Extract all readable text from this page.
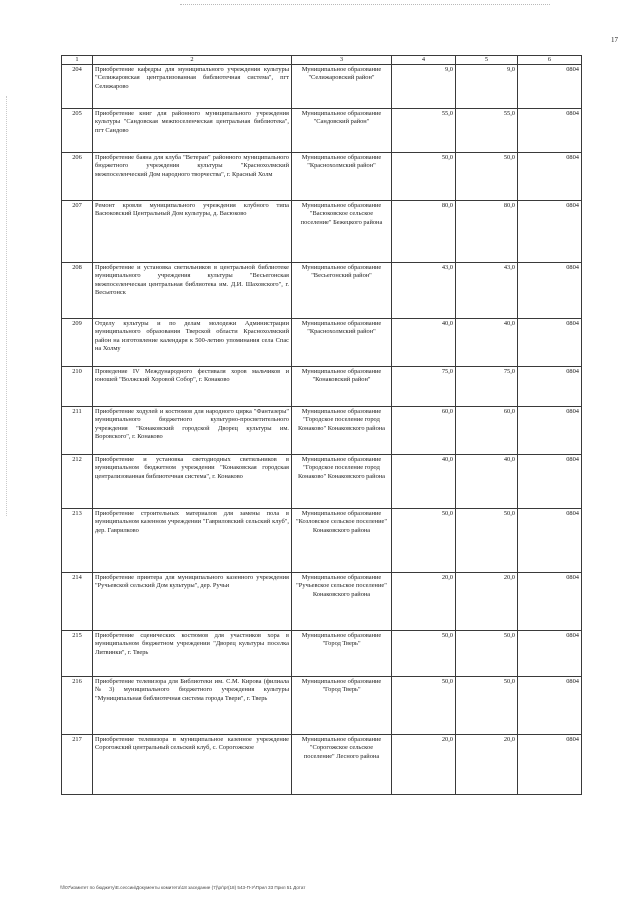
17
1	2	3	4	5	6
204	Приобретение кафедры для муниципального учреждения культуры "Селижаровская централизованная библиотечная система", пгт Селижарово	Муниципальное образование "Селижаровский район"	9,0	9,0	0804
205	Приобретение книг для районного муниципального учреждения культуры "Сандовская межпоселенческая центральная библиотека", пгт Сандово	Муниципальное образование "Сандовский район"	55,0	55,0	0804
206	Приобретение баяна для клуба "Ветеран" районного муниципального бюджетного учреждения культуры "Краснохолмский межпоселенческий Дом народного творчества", г. Красный Холм	Муниципальное образование "Краснохолмский район"	50,0	50,0	0804
207	Ремонт кровли муниципального учреждения клубного типа Васюковский Центральный Дом культуры, д. Васюково	Муниципальное образование "Васюковское сельское поселение" Бежецкого района	80,0	80,0	0804
208	Приобретение и установка светильников в центральной библиотеке муниципального учреждения культуры "Весьегонская межпоселенческая центральная библиотека им. Д.И. Шаховского", г. Весьегонск	Муниципальное образование "Весьегонский район"	43,0	43,0	0804
209	Отделу культуры и по делам молодежи Администрации муниципального образования Тверской области Краснохолмский район на изготовление календаря к 500-летию упоминания села Спас на Холму	Муниципальное образование "Краснохолмский район"	40,0	40,0	0804
210	Проведение IV Международного фестиваля хоров мальчиков и юношей "Волжский Хоровой Собор", г. Конаково	Муниципальное образование "Конаковский район"	75,0	75,0	0804
211	Приобретение ходулей и костюмов для народного цирка "Фантазеры" муниципального бюджетного культурно-просветительного учреждения "Конаковский городской Дворец культуры им. Воровского", г. Конаково	Муниципальное образование "Городское поселение город Конаково" Конаковского района	60,0	60,0	0804
212	Приобретение и установка светодиодных светильников в муниципальном бюджетном учреждении "Конаковская городская централизованная библиотечная система", г. Конаково	Муниципальное образование "Городское поселение город Конаково" Конаковского района	40,0	40,0	0804
213	Приобретение строительных материалов для замены пола в муниципальном казенном учреждении "Гавриловский сельский клуб", дер. Гаврилково	Муниципальное образование "Козловское сельское поселение" Конаковского района	50,0	50,0	0804
214	Приобретение принтера для муниципального казенного учреждения "Ручьевской сельский Дом культуры", дер. Ручьи	Муниципальное образование "Ручьевское сельское поселение" Конаковского района	20,0	20,0	0804
215	Приобретение сценических костюмов для участников хора в муниципальном бюджетном учреждении "Дворец культуры поселка Литвинки", г. Тверь	Муниципальное образование "Город Тверь"	50,0	50,0	0804
216	Приобретение телевизора для Библиотеки им. С.М. Кирова (филиала №3) муниципального бюджетного учреждения культуры "Муниципальная библиотечная система города Твери", г. Тверь	Муниципальное образование "Город Тверь"	50,0	50,0	0804
217	Приобретение телевизора в муниципальное казенное учреждение Сорогожский центральный сельский клуб, с. Сорогожское	Муниципальное образование "Сорогожское сельское поселение" Лесного района	20,0	20,0	0804
\\f\07\комитет по бюджету\Е.сессии\Документы комитета\18 заседание (7)\pr\pr(18) 543-П-У\Прил 33 Прил 51 Дотат
